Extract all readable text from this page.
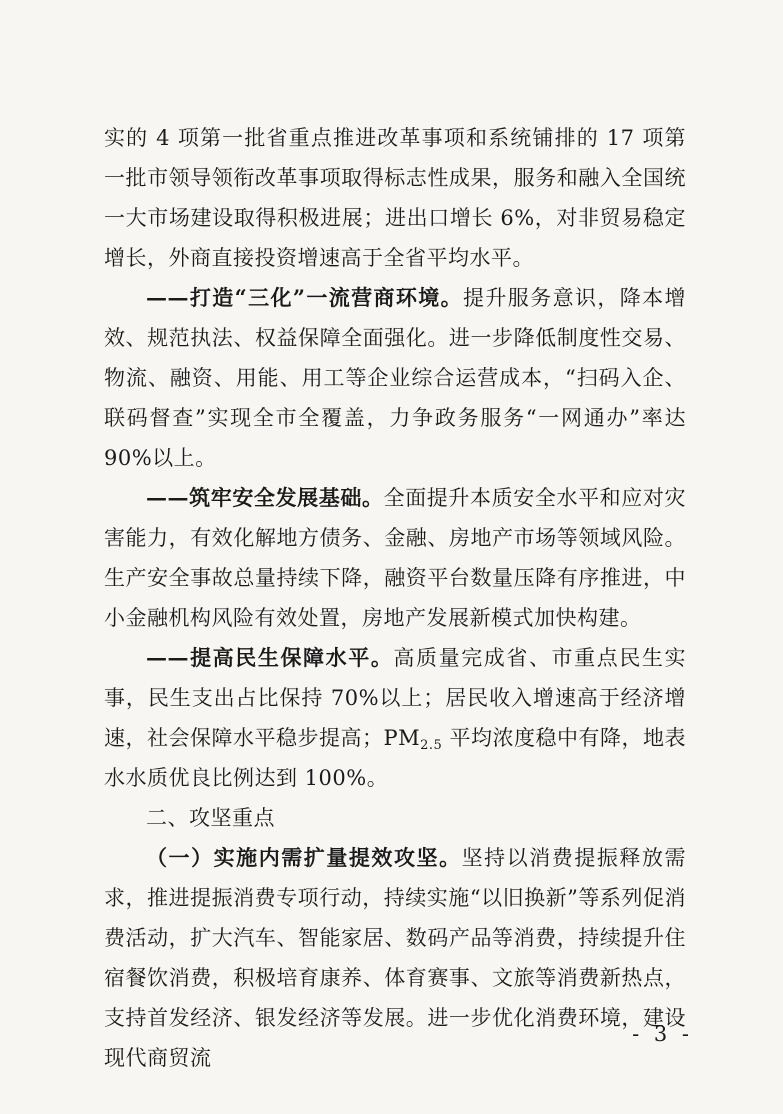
实的 4 项第一批省重点推进改革事项和系统铺排的 17 项第一批市领导领衔改革事项取得标志性成果，服务和融入全国统一大市场建设取得积极进展；进出口增长 6%，对非贸易稳定增长，外商直接投资增速高于全省平均水平。

——打造“三化”一流营商环境。提升服务意识，降本增效、规范执法、权益保障全面强化。进一步降低制度性交易、物流、融资、用能、用工等企业综合运营成本，“扫码入企、联码督查”实现全市全覆盖，力争政务服务“一网通办”率达 90%以上。

——筑牢安全发展基础。全面提升本质安全水平和应对灾害能力，有效化解地方债务、金融、房地产市场等领域风险。生产安全事故总量持续下降，融资平台数量压降有序推进，中小金融机构风险有效处置，房地产发展新模式加快构建。

——提高民生保障水平。高质量完成省、市重点民生实事，民生支出占比保持 70%以上；居民收入增速高于经济增速，社会保障水平稳步提高；$PM_{2.5}$ 平均浓度稳中有降，地表水水质优良比例达到 100%。

二、攻坚重点

（一）实施内需扩量提效攻坚。坚持以消费提振释放需求，推进提振消费专项行动，持续实施“以旧换新”等系列促消费活动，扩大汽车、智能家居、数码产品等消费，持续提升住宿餐饮消费，积极培育康养、体育赛事、文旅等消费新热点，支持首发经济、银发经济等发展。进一步优化消费环境，建设现代商贸流

- 3 -
